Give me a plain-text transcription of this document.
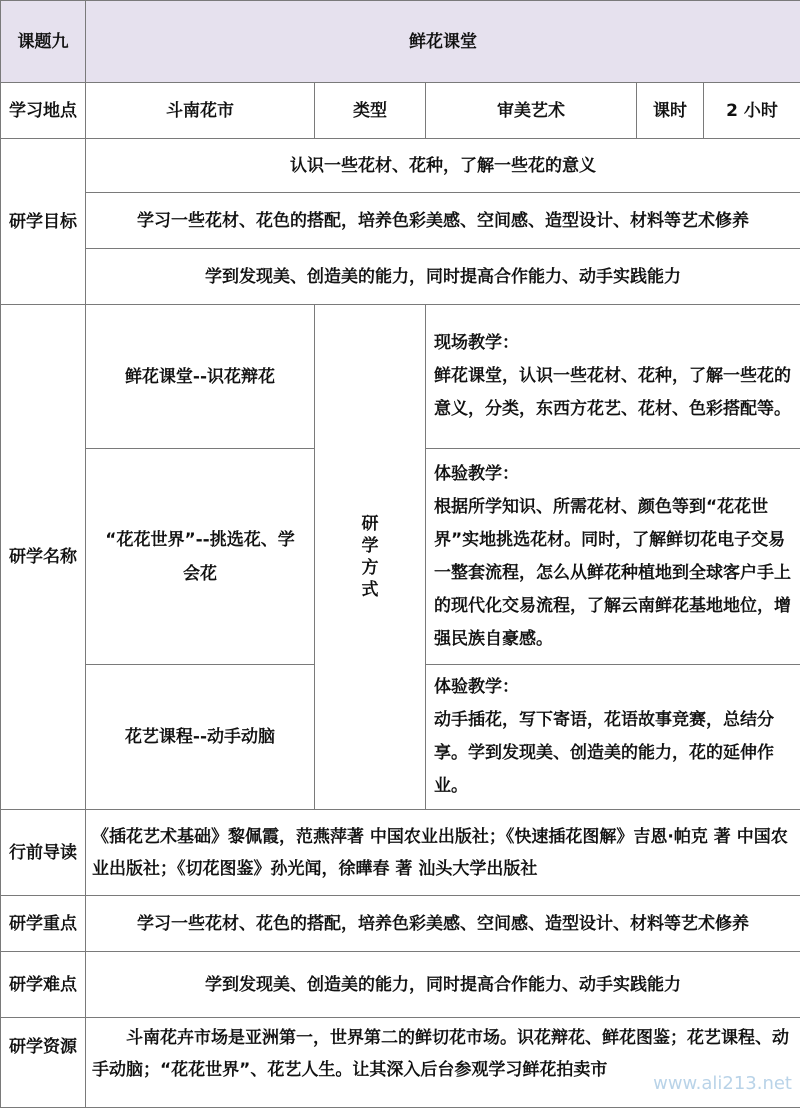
课题九	鲜花课堂				
学习地点	斗南花市	类型	审美艺术	课时	2 小时
研学目标	认识一些花材、花种，了解一些花的意义				
	学习一些花材、花色的搭配，培养色彩美感、空间感、造型设计、材料等艺术修养				
	学到发现美、创造美的能力，同时提高合作能力、动手实践能力				
研学名称	鲜花课堂--识花辩花	研学方式	现场教学：
鲜花课堂，认识一些花材、花种，了解一些花的意义，分类，东西方花艺、花材、色彩搭配等。		

	“花花世界”--挑选花、学会花		体验教学：
根据所学知识、所需花材、颜色等到“花花世界”实地挑选花材。同时，了解鲜切花电子交易一整套流程，怎么从鲜花种植地到全球客户手上的现代化交易流程，了解云南鲜花基地地位，增强民族自豪感。		

	花艺课程--动手动脑		体验教学：
动手插花，写下寄语，花语故事竞赛，总结分享。学到发现美、创造美的能力，花的延伸作业。		

行前导读	《插花艺术基础》黎佩霞，范燕萍著 中国农业出版社；《快速插花图解》吉恩·帕克 著 中国农业出版社；《切花图鉴》孙光闻，徐曄春 著 汕头大学出版社				
研学重点	学习一些花材、花色的搭配，培养色彩美感、空间感、造型设计、材料等艺术修养				
研学难点	学到发现美、创造美的能力，同时提高合作能力、动手实践能力				
研学资源	斗南花卉市场是亚洲第一，世界第二的鲜切花市场。识花辩花、鲜花图鉴；花艺课程、动手动脑；“花花世界”、花艺人生。让其深入后台参观学习鲜花拍卖市				
www.ali213.net
